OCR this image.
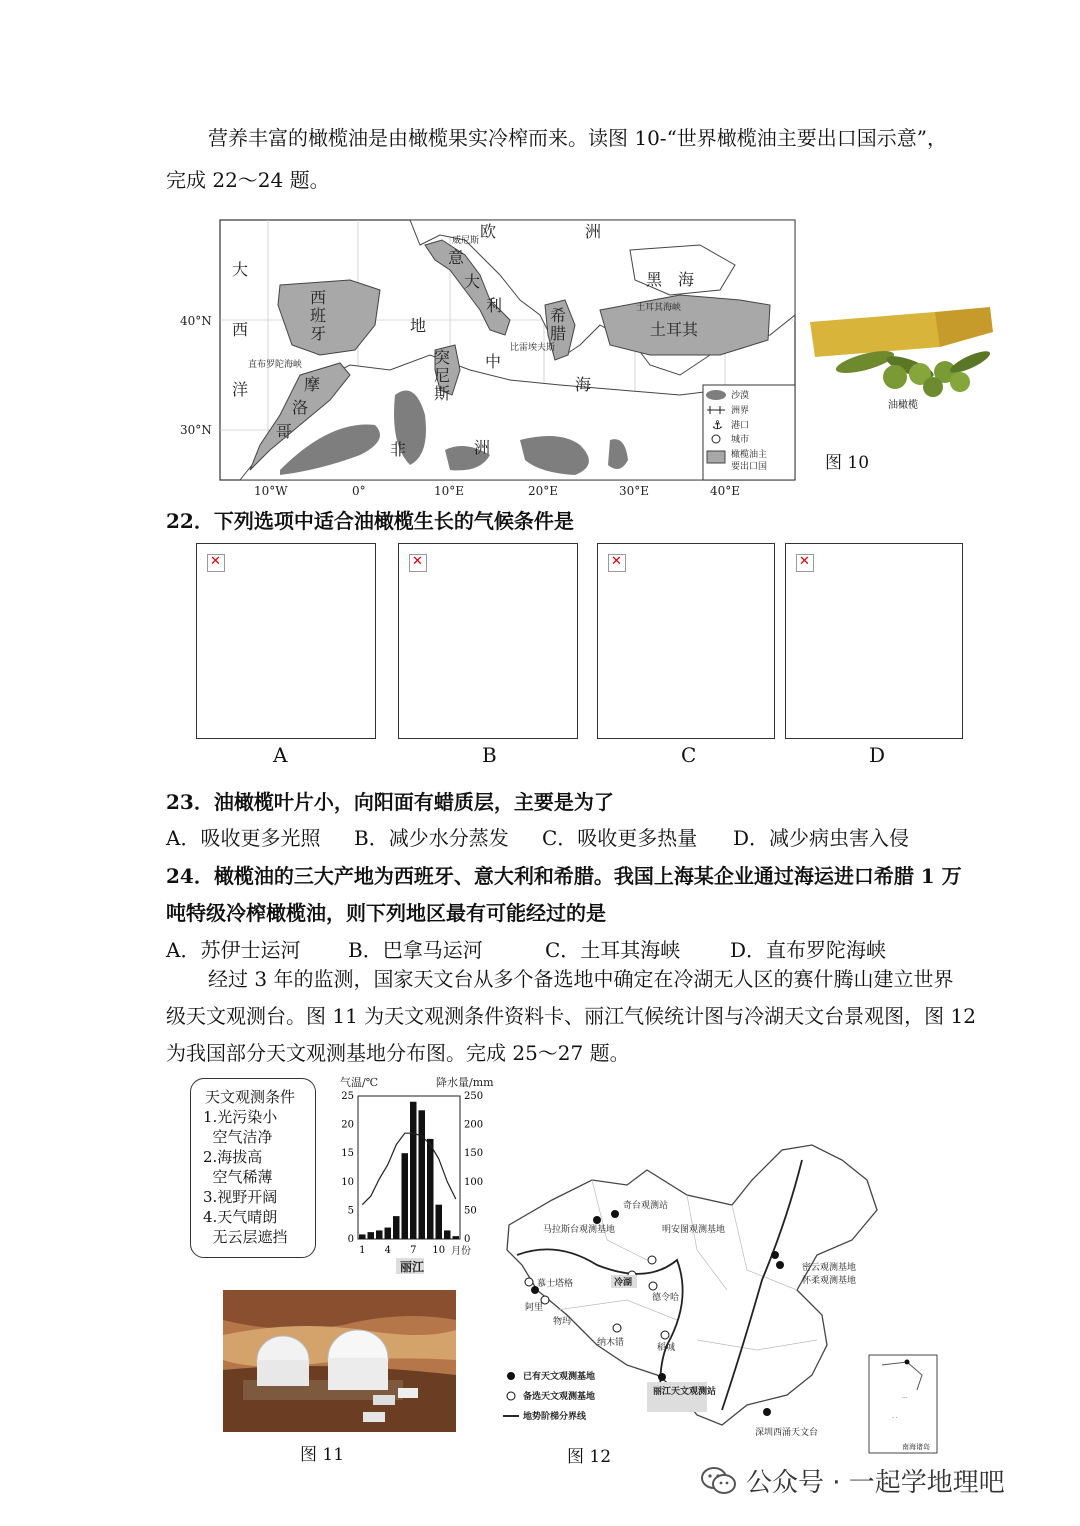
营养丰富的橄榄油是由橄榄果实冷榨而来。读图 10-“世界橄榄油主要出口国示意”，
完成 22～24 题。
40°N
30°N
10°W	0°	10°E	20°E	30°E	40°E
大
西
洋
直布罗陀海峡
西
班
牙
摩
洛
哥
地
突
尼
斯
中
海
非	洲
欧	洲
意
大
利
威尼斯
希
腊
比雷埃夫斯
黑 海
土耳其
土耳其海峡
沙漠
洲界
⚓ 港口
城市
橄榄油主
要出口国
油橄榄
图 10
22．下列选项中适合油橄榄生长的气候条件是
✕
✕
✕
✕
A	B	C	D
23．油橄榄叶片小，向阳面有蜡质层，主要是为了
A．吸收更多光照 B．减少水分蒸发 C．吸收更多热量 D．减少病虫害入侵
24．橄榄油的三大产地为西班牙、意大利和希腊。我国上海某企业通过海运进口希腊 1 万
吨特级冷榨橄榄油，则下列地区最有可能经过的是
A．苏伊士运河 B．巴拿马运河	C．土耳其海峡 D．直布罗陀海峡
经过 3 年的监测，国家天文台从多个备选地中确定在冷湖无人区的赛什腾山建立世界
级天文观测台。图 11 为天文观测条件资料卡、丽江气候统计图与冷湖天文台景观图，图 12
为我国部分天文观测基地分布图。完成 25～27 题。
天文观测条件
1.光污染小
空气洁净
2.海拔高
空气稀薄
3.视野开阔
4.天气晴朗
无云层遮挡
气温/℃	降水量/mm
月份
丽江
0
5
10
15
20
25
0
50
100
150
200
250
1 4 7 10
图 11
奇台观测站
马拉斯台观测基地	明安图观测基地
慕士塔格
阿里
物玛
冷湖
德令哈
纳木错	稻城
密云观测基地
怀柔观测基地
丽江天文观测站
深圳西涌天文台
已有天文观测基地
备选天文观测基地
地势阶梯分界线
···
· ·
南海诸岛
图 12
公众号 · 一起学地理吧
